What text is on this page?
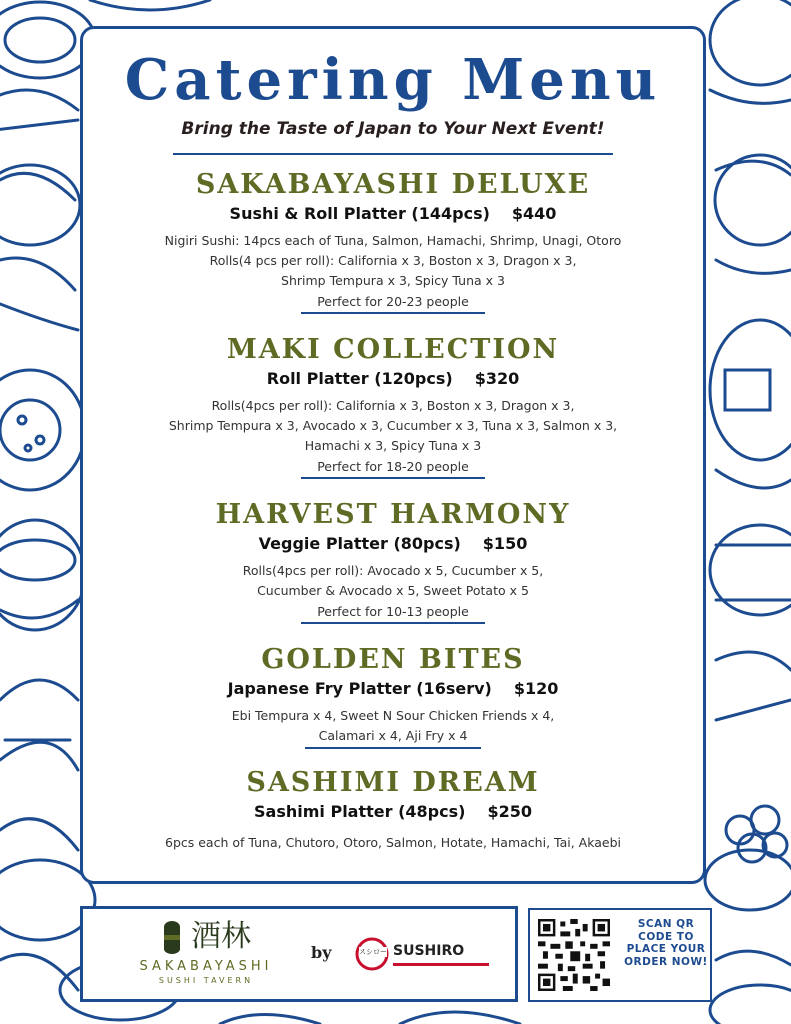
Catering Menu
Bring the Taste of Japan to Your Next Event!
SAKABAYASHI DELUXE
Sushi & Roll Platter (144pcs) $440
Nigiri Sushi: 14pcs each of Tuna, Salmon, Hamachi, Shrimp, Unagi, Otoro
Rolls(4 pcs per roll): California x 3, Boston x 3, Dragon x 3,
Shrimp Tempura x 3, Spicy Tuna x 3
Perfect for 20-23 people
MAKI COLLECTION
Roll Platter (120pcs) $320
Rolls(4pcs per roll): California x 3, Boston x 3, Dragon x 3,
Shrimp Tempura x 3, Avocado x 3, Cucumber x 3, Tuna x 3, Salmon x 3,
Hamachi x 3, Spicy Tuna x 3
Perfect for 18-20 people
HARVEST HARMONY
Veggie Platter (80pcs) $150
Rolls(4pcs per roll): Avocado x 5, Cucumber x 5,
Cucumber & Avocado x 5, Sweet Potato x 5
Perfect for 10-13 people
GOLDEN BITES
Japanese Fry Platter (16serv) $120
Ebi Tempura x 4, Sweet N Sour Chicken Friends x 4,
Calamari x 4, Aji Fry x 4
SASHIMI DREAM
Sashimi Platter (48pcs) $250
6pcs each of Tuna, Chutoro, Otoro, Salmon, Hotate, Hamachi, Tai, Akaebi
酒林
SAKABAYASHI
SUSHI TAVERN
by	スシロー SUSHIRO
SCAN QR CODE TO PLACE YOUR ORDER NOW!
